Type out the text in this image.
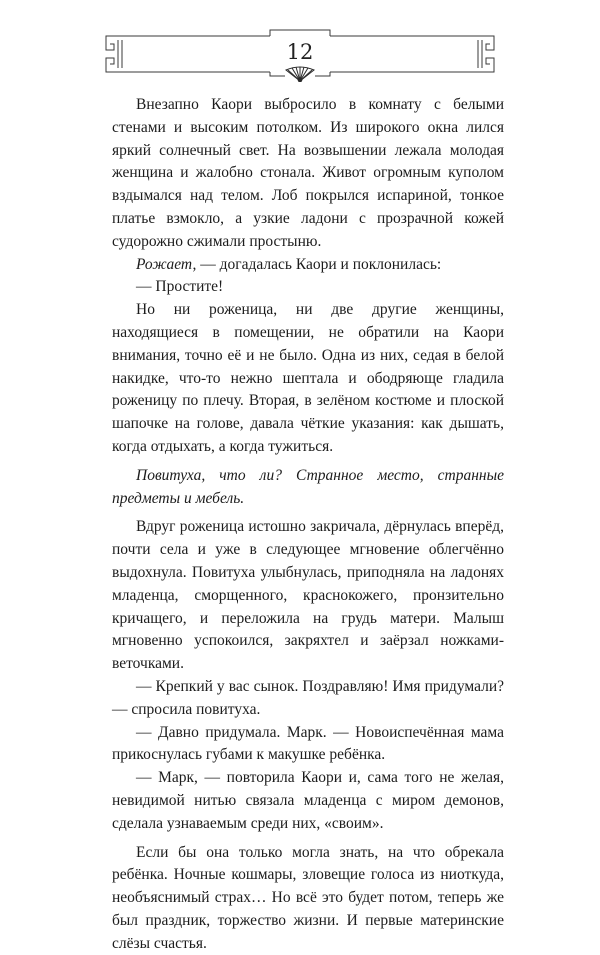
12

Внезапно Каори выбросило в комнату с белыми стенами и высоким потолком. Из широкого окна лился яркий солнечный свет. На возвышении лежала молодая женщина и жалобно стонала. Живот огромным куполом вздымался над телом. Лоб покрылся испариной, тонкое платье взмокло, а узкие ладони с прозрачной кожей судорожно сжимали простыню.

Рожает, — догадалась Каори и поклонилась:

— Простите!

Но ни роженица, ни две другие женщины, находящиеся в помещении, не обратили на Каори внимания, точно её и не было. Одна из них, седая в белой накидке, что-то нежно шептала и ободряюще гладила роженицу по плечу. Вторая, в зелёном костюме и плоской шапочке на голове, давала чёткие указания: как дышать, когда отдыхать, а когда тужиться.

Повитуха, что ли? Странное место, странные предметы и мебель.

Вдруг роженица истошно закричала, дёрнулась вперёд, почти села и уже в следующее мгновение облегчённо выдохнула. Повитуха улыбнулась, приподняла на ладонях младенца, сморщенного, краснокожего, пронзительно кричащего, и переложила на грудь матери. Малыш мгновенно успокоился, закряхтел и заёрзал ножками-веточками.

— Крепкий у вас сынок. Поздравляю! Имя придумали? — спросила повитуха.

— Давно придумала. Марк. — Новоиспечённая мама прикоснулась губами к макушке ребёнка.

— Марк, — повторила Каори и, сама того не желая, невидимой нитью связала младенца с миром демонов, сделала узнаваемым среди них, «своим».

Если бы она только могла знать, на что обрекала ребёнка. Ночные кошмары, зловещие голоса из ниоткуда, необъяснимый страх… Но всё это будет потом, теперь же был праздник, торжество жизни. И первые материнские слёзы счастья.
